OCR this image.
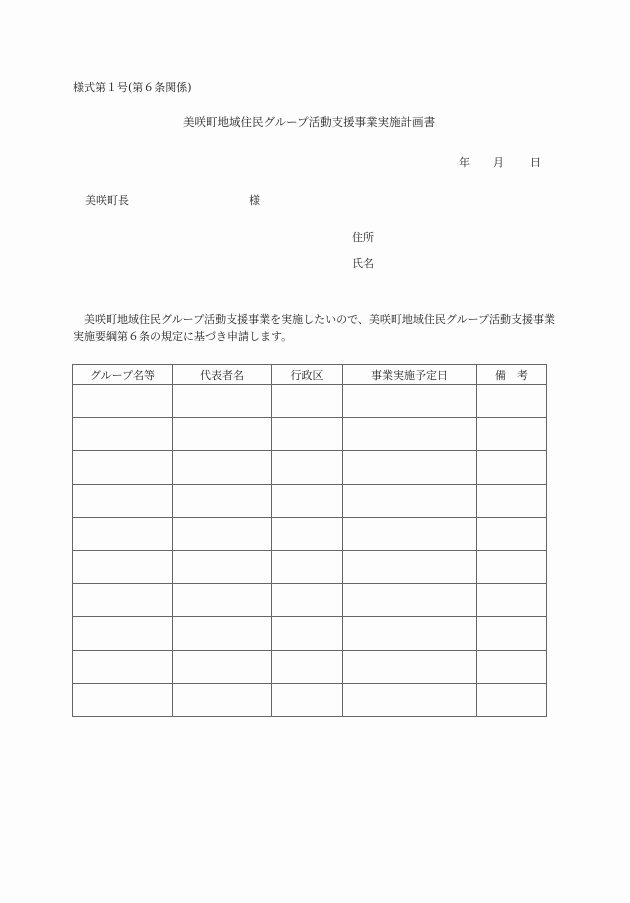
様式第１号(第６条関係)
美咲町地域住民グループ活動支援事業実施計画書
年 月 日
美咲町長	様
住所
氏名
美咲町地域住民グループ活動支援事業を実施したいので、美咲町地域住民グループ活動支援事業実施要綱第６条の規定に基づき申請します。
グループ名等	代表者名	行政区	事業実施予定日	備　考
